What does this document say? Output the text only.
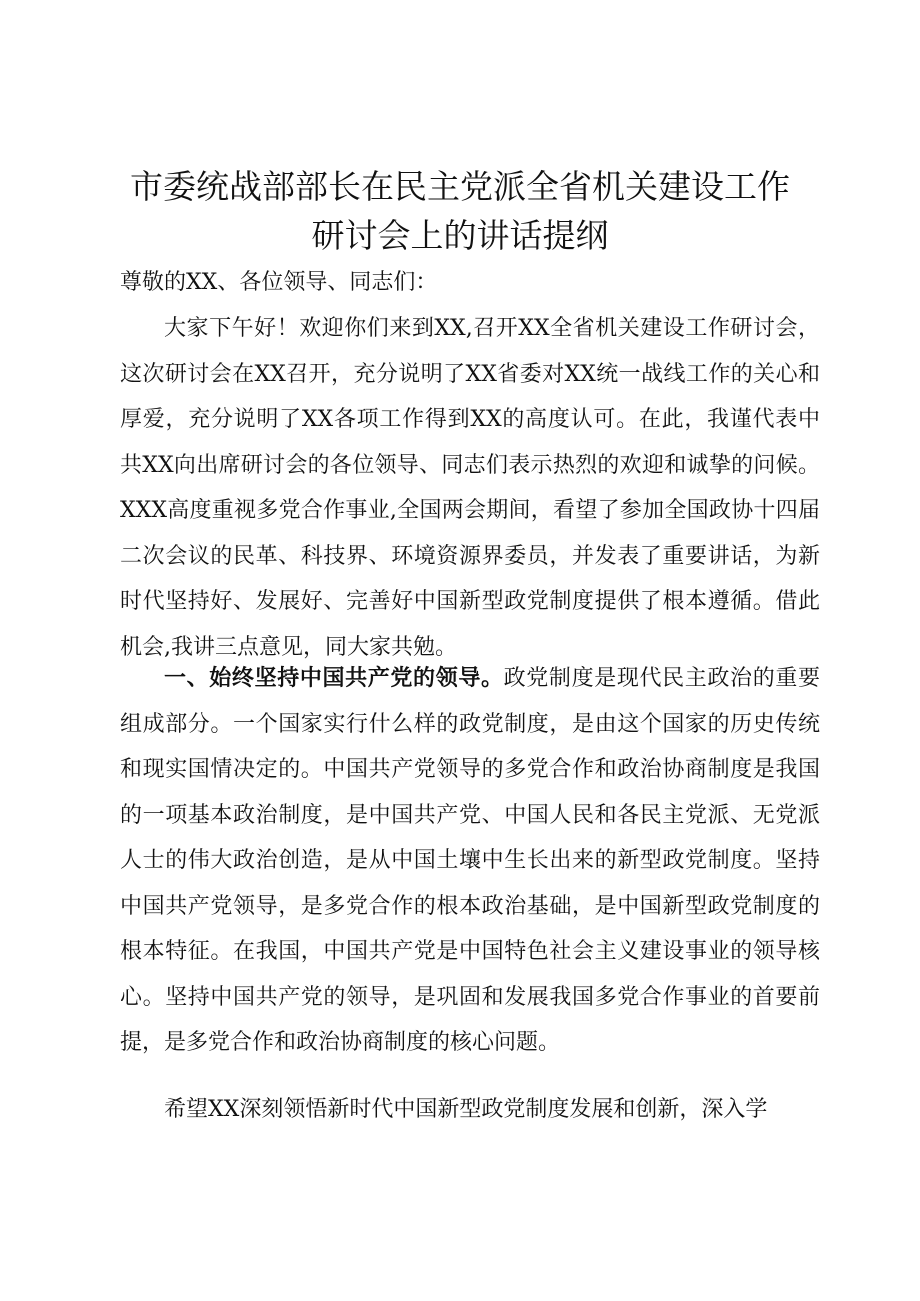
市委统战部部长在民主党派全省机关建设工作
研讨会上的讲话提纲

尊敬的XX、各位领导、同志们：

大家下午好！欢迎你们来到XX,召开XX全省机关建设工作研讨会，这次研讨会在XX召开，充分说明了XX省委对XX统一战线工作的关心和厚爱，充分说明了XX各项工作得到XX的高度认可。在此，我谨代表中共XX向出席研讨会的各位领导、同志们表示热烈的欢迎和诚挚的问候。XXX高度重视多党合作事业,全国两会期间，看望了参加全国政协十四届二次会议的民革、科技界、环境资源界委员，并发表了重要讲话，为新时代坚持好、发展好、完善好中国新型政党制度提供了根本遵循。借此机会,我讲三点意见，同大家共勉。

一、始终坚持中国共产党的领导。政党制度是现代民主政治的重要组成部分。一个国家实行什么样的政党制度，是由这个国家的历史传统和现实国情决定的。中国共产党领导的多党合作和政治协商制度是我国的一项基本政治制度，是中国共产党、中国人民和各民主党派、无党派人士的伟大政治创造，是从中国土壤中生长出来的新型政党制度。坚持中国共产党领导，是多党合作的根本政治基础，是中国新型政党制度的根本特征。在我国，中国共产党是中国特色社会主义建设事业的领导核心。坚持中国共产党的领导，是巩固和发展我国多党合作事业的首要前提，是多党合作和政治协商制度的核心问题。

希望XX深刻领悟新时代中国新型政党制度发展和创新，深入学
